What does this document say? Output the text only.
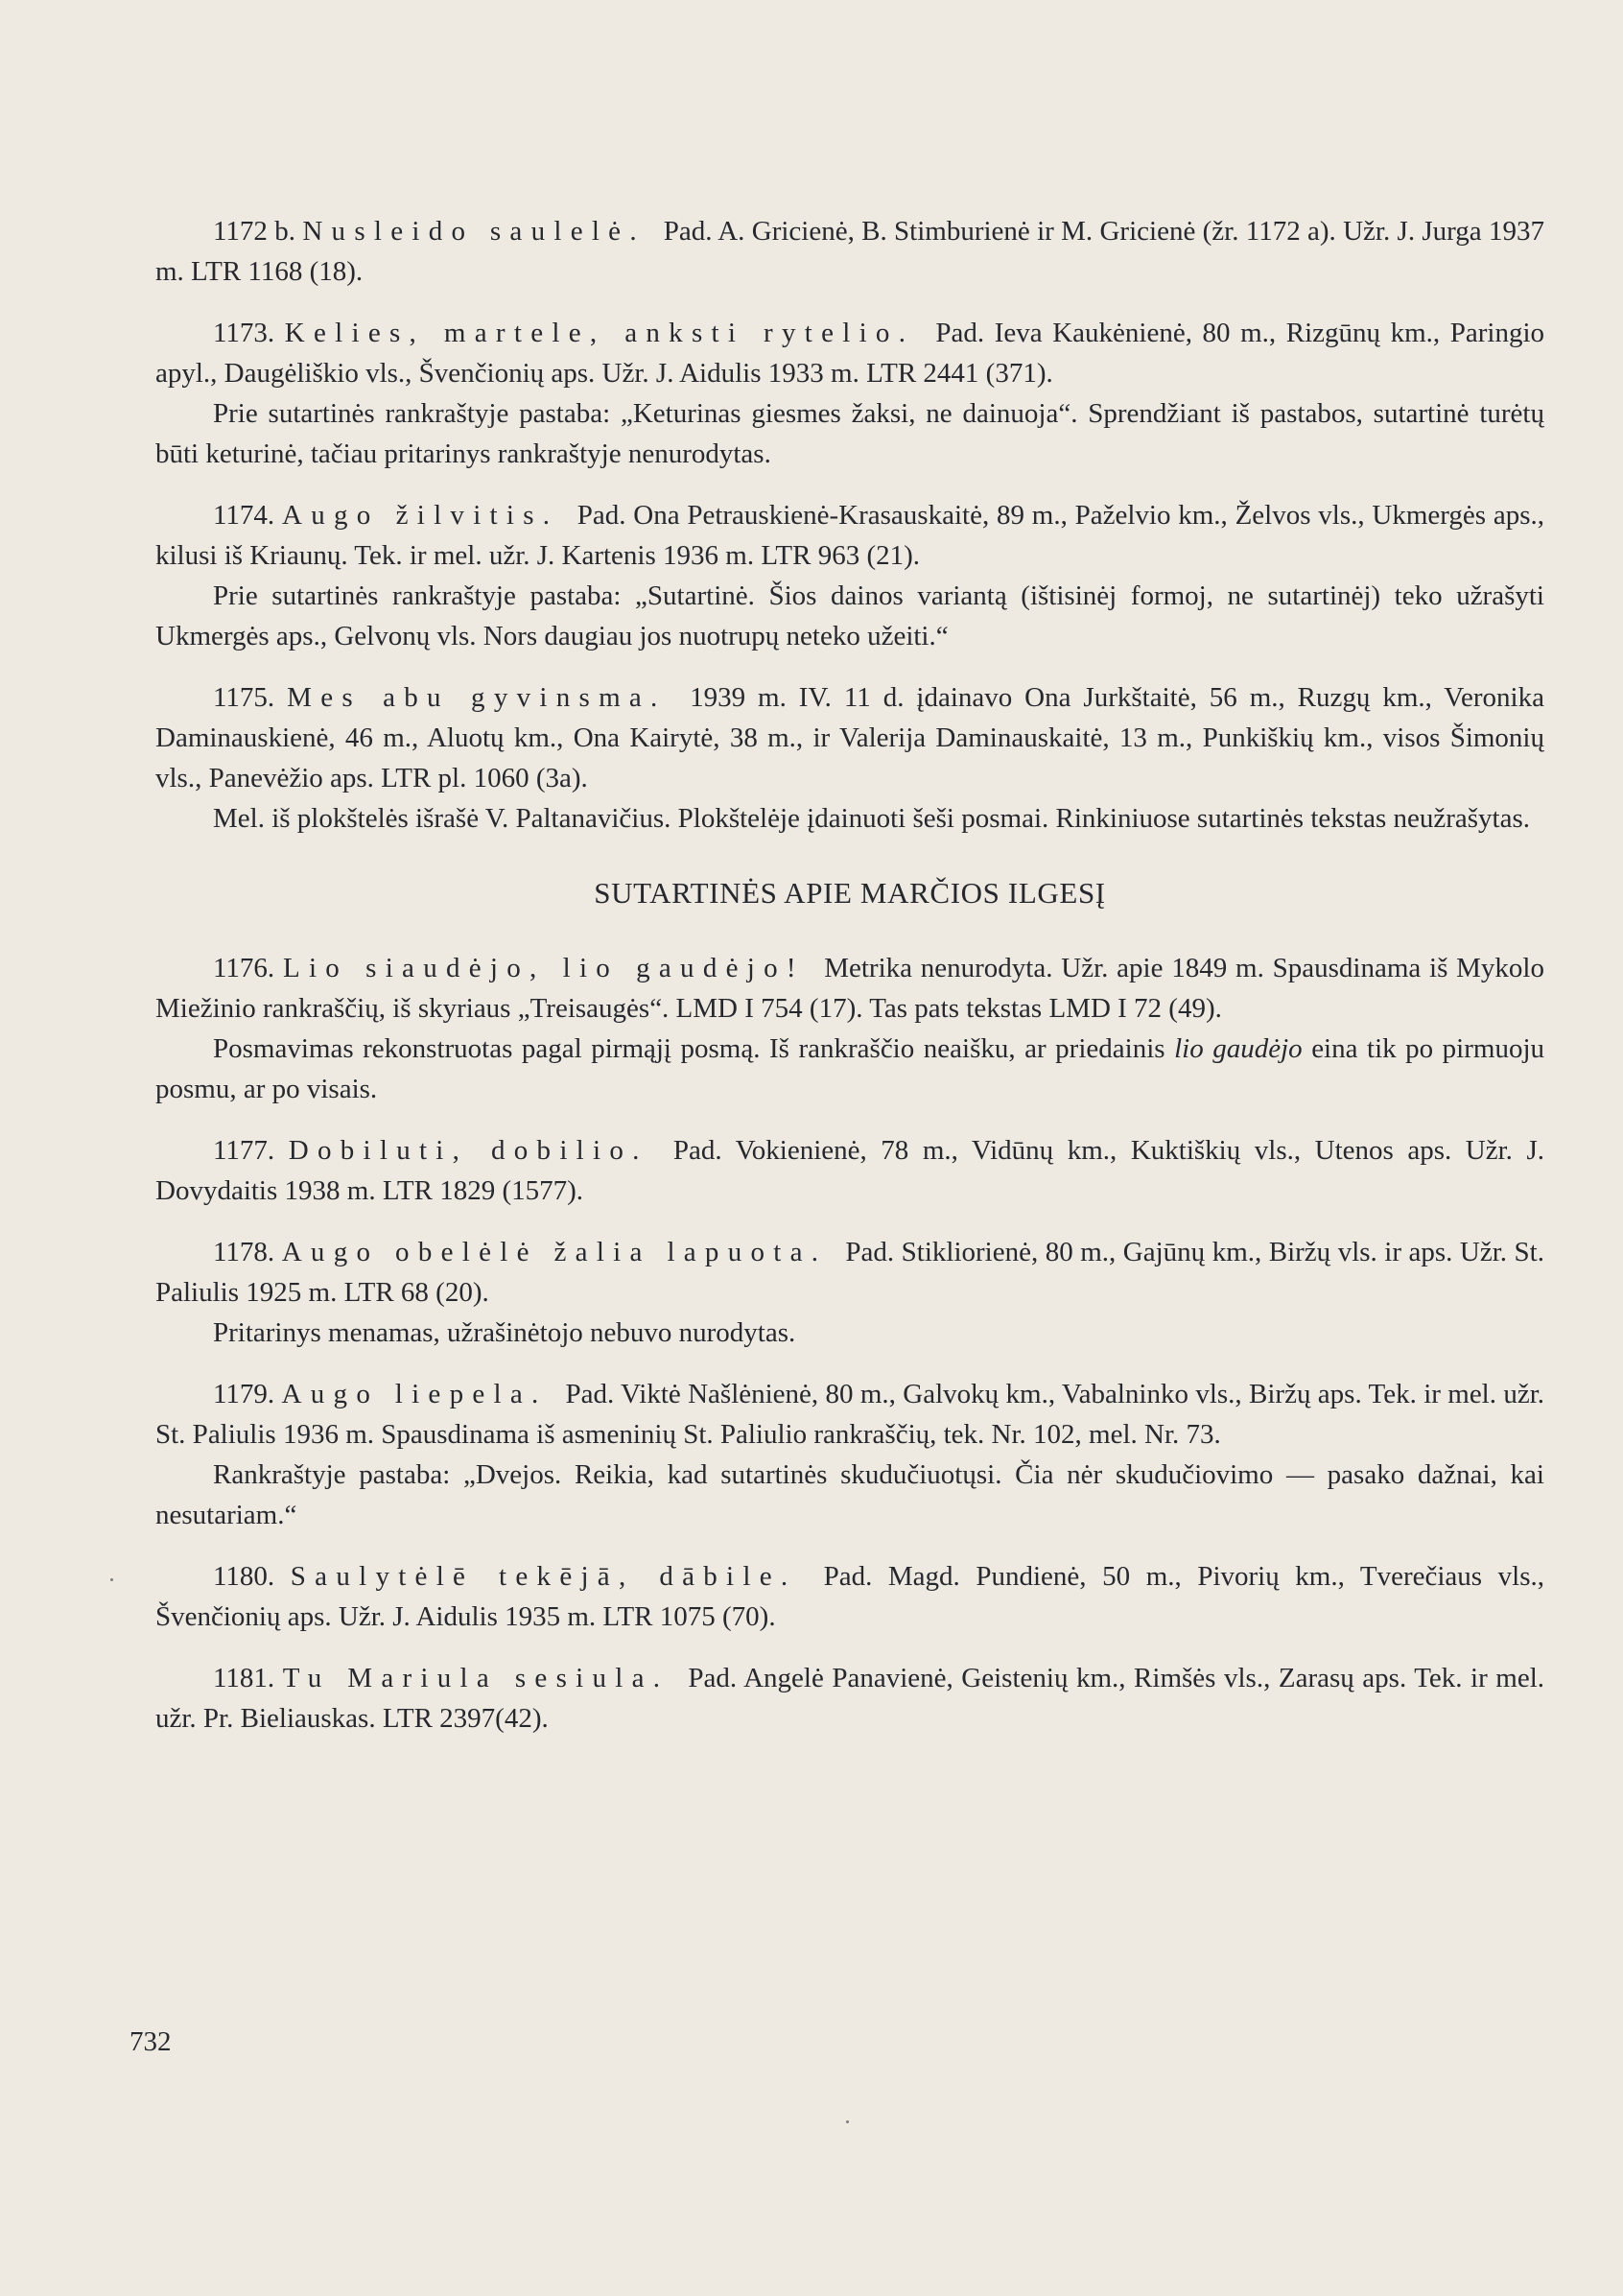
1172 b. Nusleido saulelė. Pad. A. Gricienė, B. Stimburienė ir M. Gricienė (žr. 1172 a). Užr. J. Jurga 1937 m. LTR 1168 (18).

1173. Kelies, martele, anksti rytelio. Pad. Ieva Kaukėnienė, 80 m., Rizgūnų km., Paringio apyl., Daugėliškio vls., Švenčionių aps. Užr. J. Aidulis 1933 m. LTR 2441 (371).

Prie sutartinės rankraštyje pastaba: „Keturinas giesmes žaksi, ne dainuoja“. Sprendžiant iš pastabos, sutartinė turėtų būti keturinė, tačiau pritarinys rankraštyje nenurodytas.

1174. Augo žilvitis. Pad. Ona Petrauskienė-Krasauskaitė, 89 m., Paželvio km., Želvos vls., Ukmergės aps., kilusi iš Kriaunų. Tek. ir mel. užr. J. Kartenis 1936 m. LTR 963 (21).

Prie sutartinės rankraštyje pastaba: „Sutartinė. Šios dainos variantą (ištisinėj formoj, ne sutartinėj) teko užrašyti Ukmergės aps., Gelvonų vls. Nors daugiau jos nuotrupų neteko užeiti.“

1175. Mes abu gyvinsma. 1939 m. IV. 11 d. įdainavo Ona Jurkštaitė, 56 m., Ruzgų km., Veronika Daminauskienė, 46 m., Aluotų km., Ona Kairytė, 38 m., ir Valerija Daminauskaitė, 13 m., Punkiškių km., visos Šimonių vls., Panevėžio aps. LTR pl. 1060 (3a).

Mel. iš plokštelės išrašė V. Paltanavičius. Plokštelėje įdainuoti šeši posmai. Rinkiniuose sutartinės tekstas neužrašytas.

SUTARTINĖS APIE MARČIOS ILGESĮ

1176. Lio siaudėjo, lio gaudėjo! Metrika nenurodyta. Užr. apie 1849 m. Spausdinama iš Mykolo Miežinio rankraščių, iš skyriaus „Treisaugės“. LMD I 754 (17). Tas pats tekstas LMD I 72 (49).

Posmavimas rekonstruotas pagal pirmąjį posmą. Iš rankraščio neaišku, ar priedainis lio gaudėjo eina tik po pirmuoju posmu, ar po visais.

1177. Dobiluti, dobilio. Pad. Vokienienė, 78 m., Vidūnų km., Kuktiškių vls., Utenos aps. Užr. J. Dovydaitis 1938 m. LTR 1829 (1577).

1178. Augo obelėlė žalia lapuota. Pad. Stikliorienė, 80 m., Gajūnų km., Biržų vls. ir aps. Užr. St. Paliulis 1925 m. LTR 68 (20).

Pritarinys menamas, užrašinėtojo nebuvo nurodytas.

1179. Augo liepela. Pad. Viktė Našlėnienė, 80 m., Galvokų km., Vabalninko vls., Biržų aps. Tek. ir mel. užr. St. Paliulis 1936 m. Spausdinama iš asmeninių St. Paliulio rankraščių, tek. Nr. 102, mel. Nr. 73.

Rankraštyje pastaba: „Dvejos. Reikia, kad sutartinės skudučiuotųsi. Čia nėr skudučiovimo — pasako dažnai, kai nesutariam.“

1180. Saulytėlē tekējā, dābile. Pad. Magd. Pundienė, 50 m., Pivorių km., Tverečiaus vls., Švenčionių aps. Užr. J. Aidulis 1935 m. LTR 1075 (70).

1181. Tu Mariula sesiula. Pad. Angelė Panavienė, Geistenių km., Rimšės vls., Zarasų aps. Tek. ir mel. užr. Pr. Bieliauskas. LTR 2397(42).

732
